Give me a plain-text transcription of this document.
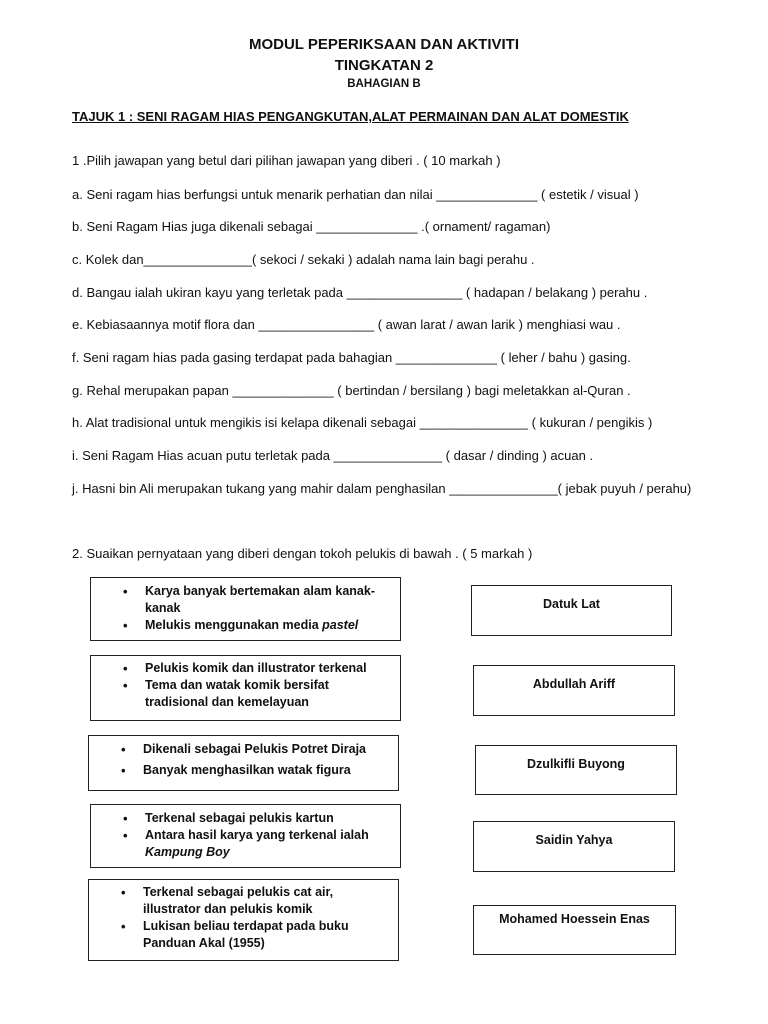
MODUL PEPERIKSAAN DAN AKTIVITI
TINGKATAN 2
BAHAGIAN B
TAJUK 1 : SENI RAGAM HIAS PENGANGKUTAN,ALAT PERMAINAN DAN ALAT DOMESTIK
1 .Pilih jawapan yang betul dari pilihan jawapan yang diberi . ( 10 markah )
a. Seni ragam hias berfungsi untuk menarik perhatian dan nilai ______________ ( estetik / visual )
b. Seni Ragam Hias juga dikenali sebagai ______________ .( ornament/ ragaman)
c. Kolek dan_______________( sekoci / sekaki ) adalah nama lain bagi perahu .
d. Bangau ialah ukiran kayu yang terletak pada ________________ ( hadapan / belakang ) perahu .
e. Kebiasaannya motif flora dan ________________ ( awan larat / awan larik ) menghiasi wau .
f. Seni ragam hias pada gasing terdapat pada bahagian ______________ ( leher / bahu ) gasing.
g. Rehal merupakan papan ______________ ( bertindan / bersilang ) bagi meletakkan al-Quran .
h. Alat tradisional untuk mengikis isi kelapa dikenali sebagai _______________ ( kukuran / pengikis )
i. Seni Ragam Hias acuan putu terletak pada _______________ ( dasar / dinding ) acuan .
j. Hasni bin Ali merupakan tukang yang mahir dalam penghasilan _______________( jebak puyuh / perahu)
2. Suaikan pernyataan yang diberi dengan tokoh pelukis di bawah . ( 5 markah )
• Karya banyak bertemakan alam kanak-kanak
• Melukis menggunakan media pastel
• Pelukis komik dan illustrator terkenal
• Tema dan watak komik bersifat tradisional dan kemelayuan
• Dikenali sebagai Pelukis Potret Diraja
• Banyak menghasilkan watak figura
• Terkenal sebagai pelukis kartun
• Antara hasil karya yang terkenal ialah Kampung Boy
• Terkenal sebagai pelukis cat air, illustrator dan pelukis komik
• Lukisan beliau terdapat pada buku Panduan Akal (1955)
Datuk Lat
Abdullah Ariff
Dzulkifli Buyong
Saidin Yahya
Mohamed Hoessein Enas
